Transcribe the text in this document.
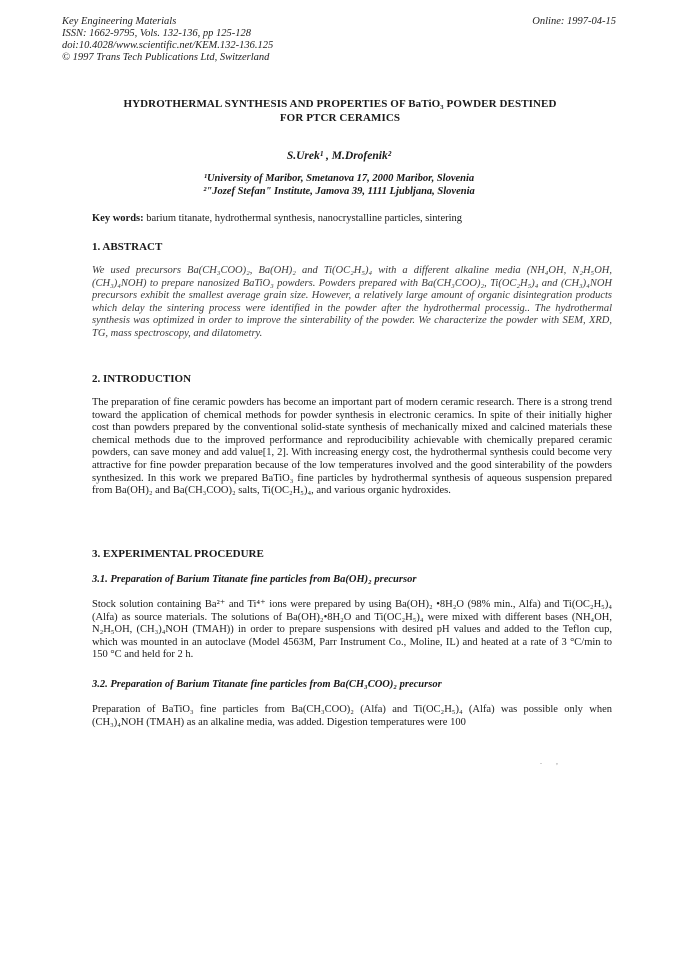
Key Engineering Materials
ISSN: 1662-9795, Vols. 132-136, pp 125-128
doi:10.4028/www.scientific.net/KEM.132-136.125
© 1997 Trans Tech Publications Ltd, Switzerland
Online: 1997-04-15
HYDROTHERMAL SYNTHESIS AND PROPERTIES OF BaTiO₃ POWDER DESTINED
FOR PTCR CERAMICS
S.Urek¹ , M.Drofenik²
¹University of Maribor, Smetanova 17, 2000 Maribor, Slovenia
²"Jozef Stefan" Institute, Jamova 39, 1111 Ljubljana, Slovenia
Key words: barium titanate, hydrothermal synthesis, nanocrystalline particles, sintering
1. ABSTRACT
We used precursors Ba(CH₃COO)₂, Ba(OH)₂ and Ti(OC₂H₅)₄ with a different alkaline media (NH₄OH, N₂H₅OH, (CH₃)₄NOH) to prepare nanosized BaTiO₃ powders. Powders prepared with Ba(CH₃COO)₂, Ti(OC₂H₅)₄ and (CH₃)₄NOH precursors exhibit the smallest average grain size. However, a relatively large amount of organic disintegration products which delay the sintering process were identified in the powder after the hydrothermal processig.. The hydrothermal synthesis was optimized in order to improve the sinterability of the powder. We characterize the powder with SEM, XRD, TG, mass spectroscopy, and dilatometry.
2. INTRODUCTION
The preparation of fine ceramic powders has become an important part of modern ceramic research. There is a strong trend toward the application of chemical methods for powder synthesis in electronic ceramics. In spite of their initially higher cost than powders prepared by the conventional solid-state synthesis of mechanically mixed and calcined materials these chemical methods due to the improved performance and reproducibility achievable with chemically prepared ceramic powders, can save money and add value[1, 2]. With increasing energy cost, the hydrothermal synthesis could become very attractive for fine powder preparation because of the low temperatures involved and the good sinterability of the powders synthesized. In this work we prepared BaTiO₃ fine particles by hydrothermal synthesis of aqueous suspension prepared from Ba(OH)₂ and Ba(CH₃COO)₂ salts, Ti(OC₂H₅)₄, and various organic hydroxides.
3. EXPERIMENTAL PROCEDURE
3.1. Preparation of Barium Titanate fine particles from Ba(OH)₂ precursor
Stock solution containing Ba²⁺ and Ti⁴⁺ ions were prepared by using Ba(OH)₂ •8H₂O (98% min., Alfa) and Ti(OC₂H₅)₄ (Alfa) as source materials. The solutions of Ba(OH)₂•8H₂O and Ti(OC₂H₅)₄ were mixed with different bases (NH₄OH, N₂H₅OH, (CH₃)₄NOH (TMAH)) in order to prepare suspensions with desired pH values and added to the Teflon cup, which was mounted in an autoclave (Model 4563M, Parr Instrument Co., Moline, IL) and heated at a rate of 3 °C/min to 150 °C and held for 2 h.
3.2. Preparation of Barium Titanate fine particles from Ba(CH₃COO)₂ precursor
Preparation of BaTiO₃ fine particles from Ba(CH₃COO)₂ (Alfa) and Ti(OC₂H₅)₄ (Alfa) was possible only when (CH₃)₄NOH (TMAH) as an alkaline media, was added. Digestion temperatures were 100
. ,
